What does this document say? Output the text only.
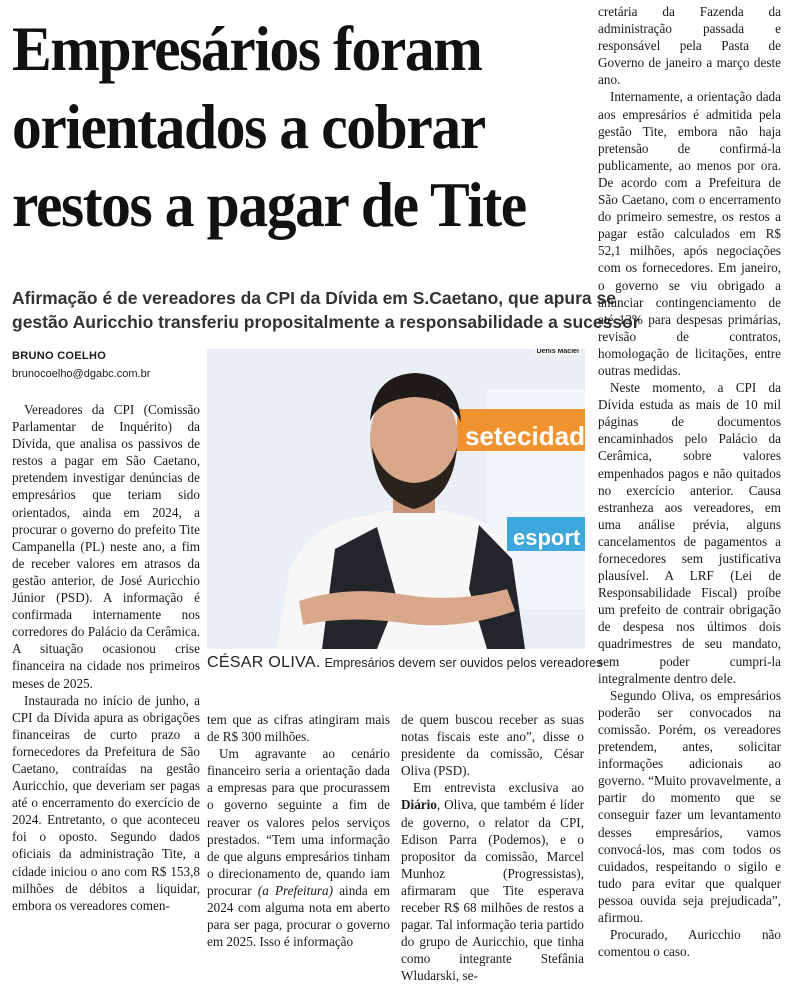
Empresários foram
orientados a cobrar
restos a pagar de Tite
Afirmação é de vereadores da CPI da Dívida em S.Caetano, que apura se
gestão Auricchio transferiu propositalmente a responsabilidade a sucessor
BRUNO COELHO
brunocoelho@dgabc.com.br
setecidad
esport
Denis Maciel
CÉSAR OLIVA. Empresários devem ser ouvidos pelos vereadores

Vereadores da CPI (Comissão Parlamentar de Inquérito) da Dívida, que analisa os passivos de restos a pagar em São Caetano, pretendem investigar denúncias de empresários que teriam sido orientados, ainda em 2024, a procurar o governo do prefeito Tite Campanella (PL) neste ano, a fim de receber valores em atrasos da gestão anterior, de José Auricchio Júnior (PSD). A informação é confirmada internamente nos corredores do Palácio da Cerâmica. A situação ocasionou crise financeira na cidade nos primeiros meses de 2025.

Instaurada no início de junho, a CPI da Dívida apura as obrigações financeiras de curto prazo a fornecedores da Prefeitura de São Caetano, contraídas na gestão Auricchio, que deveriam ser pagas até o encerramento do exercício de 2024. Entretanto, o que aconteceu foi o oposto. Segundo dados oficiais da administração Tite, a cidade iniciou o ano com R$ 153,8 milhões de débitos a liquidar, embora os vereadores comen-

tem que as cifras atingiram mais de R$ 300 milhões.

Um agravante ao cenário financeiro seria a orientação dada a empresas para que procurassem o governo seguinte a fim de reaver os valores pelos serviços prestados. “Tem uma informação de que alguns empresários tinham o direcionamento de, quando iam procurar (a Prefeitura) ainda em 2024 com alguma nota em aberto para ser paga, procurar o governo em 2025. Isso é informação

de quem buscou receber as suas notas fiscais este ano”, disse o presidente da comissão, César Oliva (PSD).

Em entrevista exclusiva ao Diário, Oliva, que também é líder de governo, o relator da CPI, Edison Parra (Podemos), e o propositor da comissão, Marcel Munhoz (Progressistas), afirmaram que Tite esperava receber R$ 68 milhões de restos a pagar. Tal informação teria partido do grupo de Auricchio, que tinha como integrante Stefânia Wludarski, se-

cretária da Fazenda da administração passada e responsável pela Pasta de Governo de janeiro a março deste ano.

Internamente, a orientação dada aos empresários é admitida pela gestão Tite, embora não haja pretensão de confirmá-la publicamente, ao menos por ora. De acordo com a Prefeitura de São Caetano, com o encerramento do primeiro semestre, os restos a pagar estão calculados em R$ 52,1 milhões, após negociações com os fornecedores. Em janeiro, o governo se viu obrigado a anunciar contingenciamento de até 12% para despesas primárias, revisão de contratos, homologação de licitações, entre outras medidas.

Neste momento, a CPI da Dívida estuda as mais de 10 mil páginas de documentos encaminhados pelo Palácio da Cerâmica, sobre valores empenhados pagos e não quitados no exercício anterior. Causa estranheza aos vereadores, em uma análise prévia, alguns cancelamentos de pagamentos a fornecedores sem justificativa plausível. A LRF (Lei de Responsabilidade Fiscal) proíbe um prefeito de contrair obrigação de despesa nos últimos dois quadrimestres de seu mandato, sem poder cumpri-la integralmente dentro dele.

Segundo Oliva, os empresários poderão ser convocados na comissão. Porém, os vereadores pretendem, antes, solicitar informações adicionais ao governo. “Muito provavelmente, a partir do momento que se conseguir fazer um levantamento desses empresários, vamos convocá-los, mas com todos os cuidados, respeitando o sigilo e tudo para evitar que qualquer pessoa ouvida seja prejudicada”, afirmou.

Procurado, Auricchio não comentou o caso.
